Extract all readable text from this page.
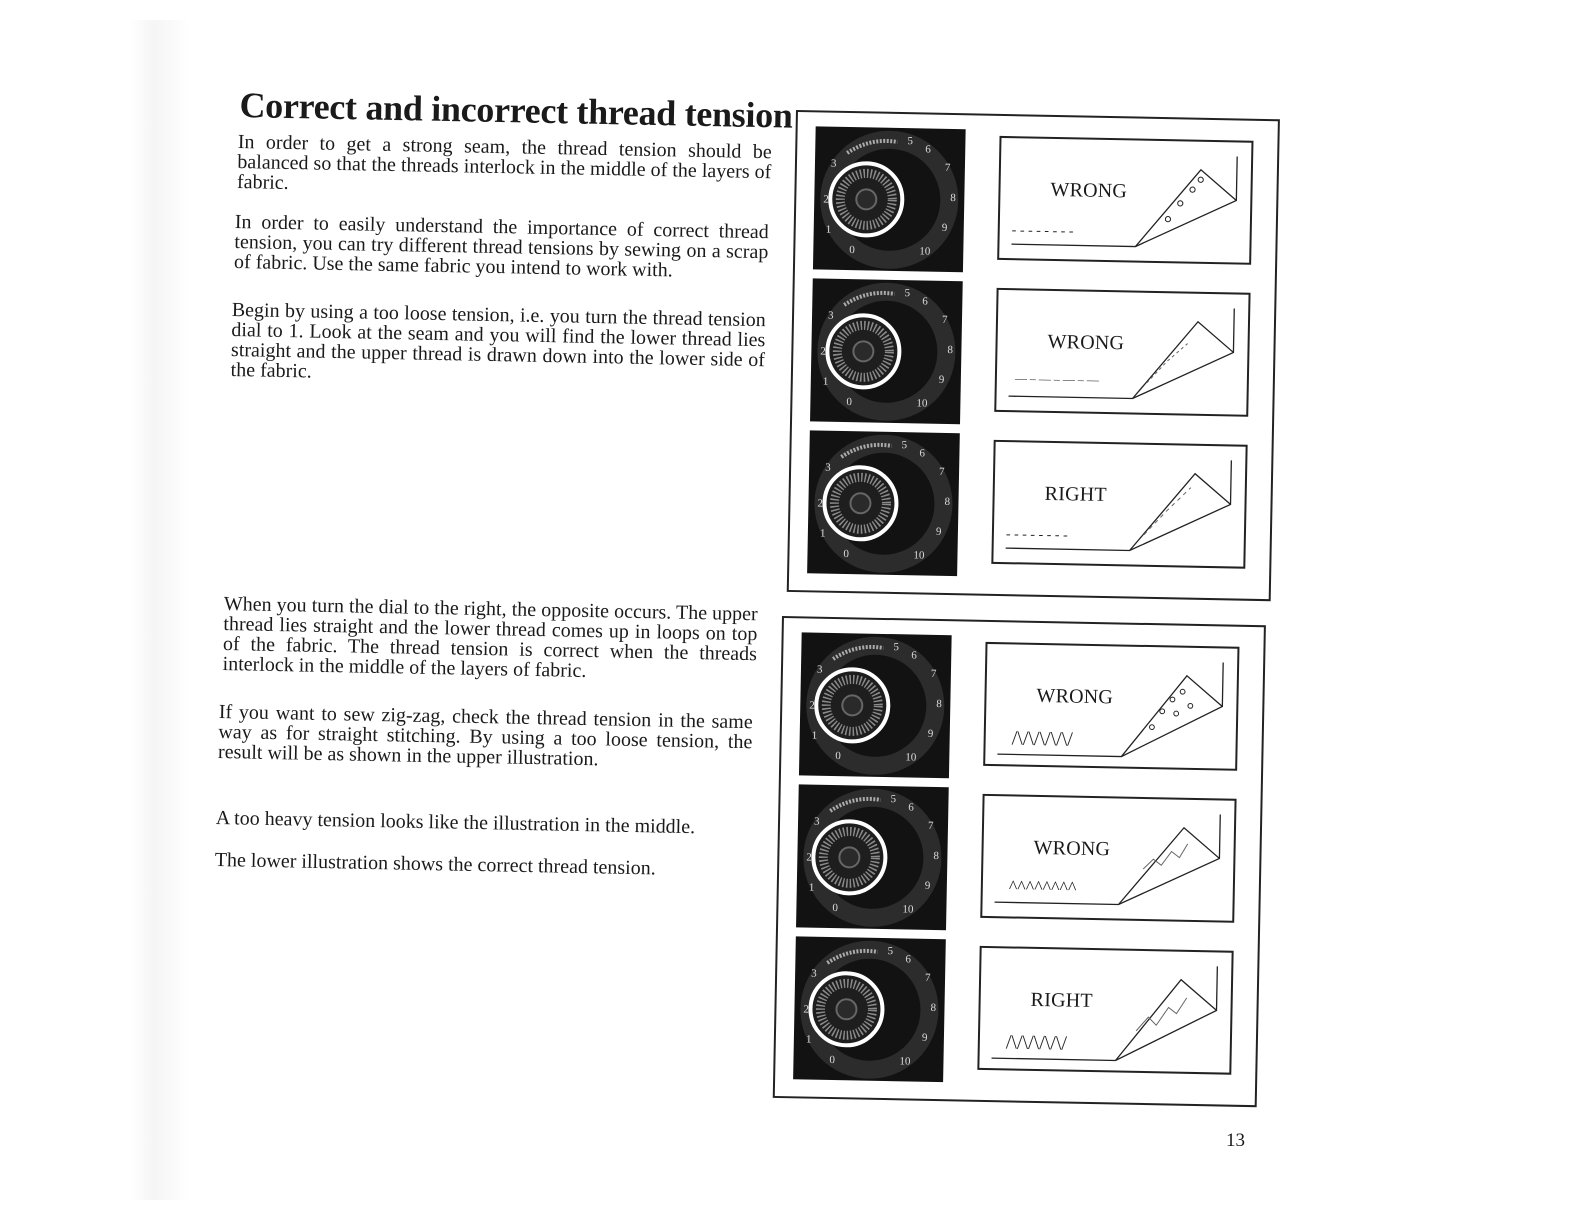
Correct and incorrect thread tension

In order to get a strong seam, the thread tension should be balanced so that the threads interlock in the middle of the layers of fabric.

In order to easily understand the importance of correct thread tension, you can try different thread tensions by sewing on a scrap of fabric. Use the same fabric you intend to work with.

Begin by using a too loose tension, i.e. you turn the thread tension dial to 1. Look at the seam and you will find the lower thread lies straight and the upper thread is drawn down into the lower side of the fabric.

When you turn the dial to the right, the opposite occurs. The upper thread lies straight and the lower thread comes up in loops on top of the fabric. The thread tension is correct when the threads interlock in the middle of the layers of fabric.

If you want to sew zig-zag, check the thread tension in the same way as for straight stitching. By using a too loose tension, the result will be as shown in the upper illustration.

A too heavy tension looks like the illustration in the middle.

The lower illustration shows the correct thread tension.

0
1
2
3
5
6
7
8
9
10
0
1
2
3
5
6
7
8
9
10
0
1
2
3
5
6
7
8
9
10
WRONG
- - - - - - - -
WRONG
— – — – — – —
RIGHT
- - - - - - - -
0
1
2
3
5
6
7
8
9
10
0
1
2
3
5
6
7
8
9
10
0
1
2
3
5
6
7
8
9
10
WRONG
/\/\/\/\/\/
WRONG
^^^^^^^^
RIGHT
/\/\/\/\/\/
13
